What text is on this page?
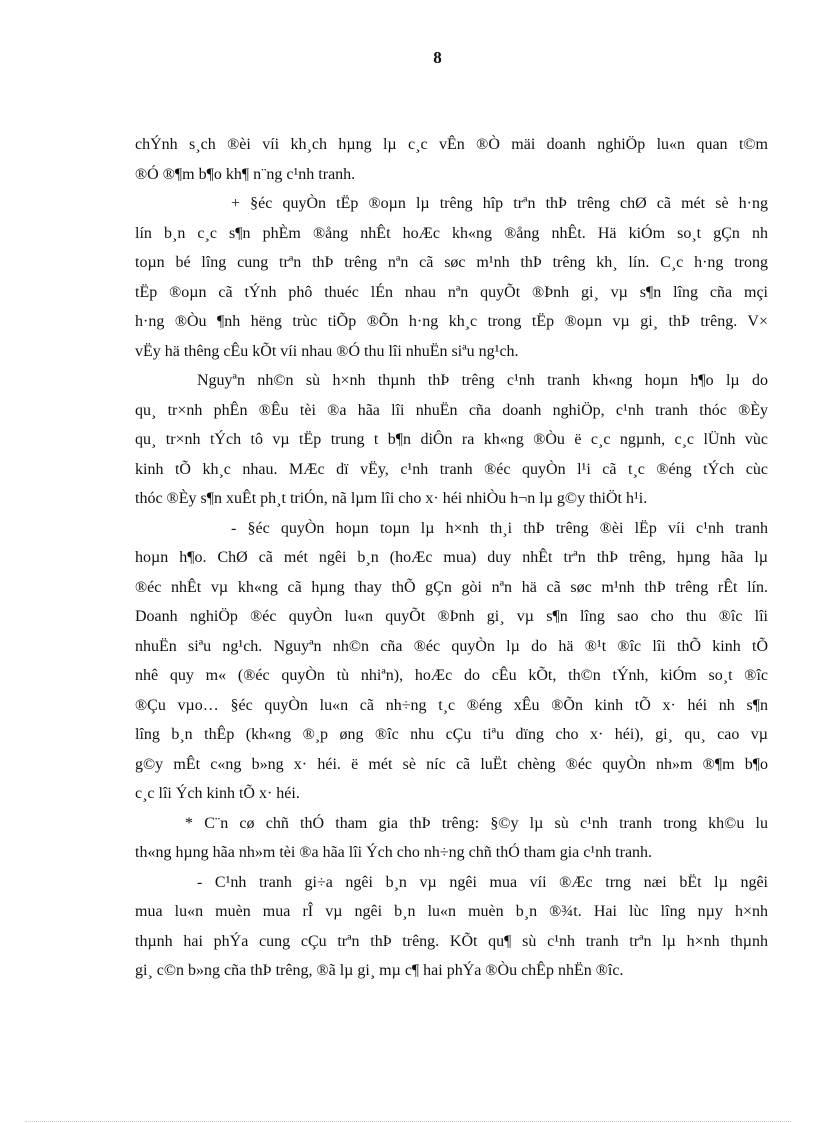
8
chÝnh s¸ch ®èi víi kh¸ch hµng lµ c¸c vÊn ®Ò mäi doanh nghiÖp lu«n quan t©m
®Ó ®¶m b¶o kh¶ n¨ng c¹nh tranh.
+ §éc quyÒn tËp ®oµn lµ trêng hîp trªn thÞ trêng chØ cã mét sè h·ng
lín b¸n c¸c s¶n phÈm ®ång nhÊt hoÆc kh«ng ®ång nhÊt. Hä kiÓm so¸t gÇn nh
toµn bé lîng cung trªn thÞ trêng nªn cã søc m¹nh thÞ trêng kh¸ lín. C¸c h·ng trong
tËp ®oµn cã tÝnh phô thuéc lÉn nhau nªn quyÕt ®Þnh gi¸ vµ s¶n lîng cña mçi
h·ng ®Òu ¶nh hëng trùc tiÕp ®Õn h·ng kh¸c trong tËp ®oµn vµ gi¸ thÞ trêng. V×
vËy hä thêng cÊu kÕt víi nhau ®Ó thu lîi nhuËn siªu ng¹ch.
Nguyªn nh©n sù h×nh thµnh thÞ trêng c¹nh tranh kh«ng hoµn h¶o lµ do
qu¸ tr×nh phÊn ®Êu tèi ®a hãa lîi nhuËn cña doanh nghiÖp, c¹nh tranh thóc ®Èy
qu¸ tr×nh tÝch tô vµ tËp trung t b¶n diÔn ra kh«ng ®Òu ë c¸c ngµnh, c¸c lÜnh vùc
kinh tÕ kh¸c nhau. MÆc dï vËy, c¹nh tranh ®éc quyÒn l¹i cã t¸c ®éng tÝch cùc
thóc ®Èy s¶n xuÊt ph¸t triÓn, nã lµm lîi cho x· héi nhiÒu h¬n lµ g©y thiÖt h¹i.
- §éc quyÒn hoµn toµn lµ h×nh th¸i thÞ trêng ®èi lËp víi c¹nh tranh
hoµn h¶o. ChØ cã mét ngêi b¸n (hoÆc mua) duy nhÊt trªn thÞ trêng, hµng hãa lµ
®éc nhÊt vµ kh«ng cã hµng thay thÕ gÇn gòi nªn hä cã søc m¹nh thÞ trêng rÊt lín.
Doanh nghiÖp ®éc quyÒn lu«n quyÕt ®Þnh gi¸ vµ s¶n lîng sao cho thu ®îc lîi
nhuËn siªu ng¹ch. Nguyªn nh©n cña ®éc quyÒn lµ do hä ®¹t ®îc lîi thÕ kinh tÕ
nhê quy m« (®éc quyÒn tù nhiªn), hoÆc do cÊu kÕt, th©n tÝnh, kiÓm so¸t ®îc
®Çu vµo… §éc quyÒn lu«n cã nh÷ng t¸c ®éng xÊu ®Õn kinh tÕ x· héi nh s¶n
lîng b¸n thÊp (kh«ng ®¸p øng ®îc nhu cÇu tiªu dïng cho x· héi), gi¸ qu¸ cao vµ
g©y mÊt c«ng b»ng x· héi. ë mét sè níc cã luËt chèng ®éc quyÒn nh»m ®¶m b¶o
c¸c lîi Ých kinh tÕ x· héi.
* C¨n cø chñ thÓ tham gia thÞ trêng: §©y lµ sù c¹nh tranh trong kh©u lu
th«ng hµng hãa nh»m tèi ®a hãa lîi Ých cho nh÷ng chñ thÓ tham gia c¹nh tranh.
- C¹nh tranh gi÷a ngêi b¸n vµ ngêi mua víi ®Æc trng næi bËt lµ ngêi
mua lu«n muèn mua rÎ vµ ngêi b¸n lu«n muèn b¸n ®¾t. Hai lùc lîng nµy h×nh
thµnh hai phÝa cung cÇu trªn thÞ trêng. KÕt qu¶ sù c¹nh tranh trªn lµ h×nh thµnh
gi¸ c©n b»ng cña thÞ trêng, ®ã lµ gi¸ mµ c¶ hai phÝa ®Òu chÊp nhËn ®îc.
